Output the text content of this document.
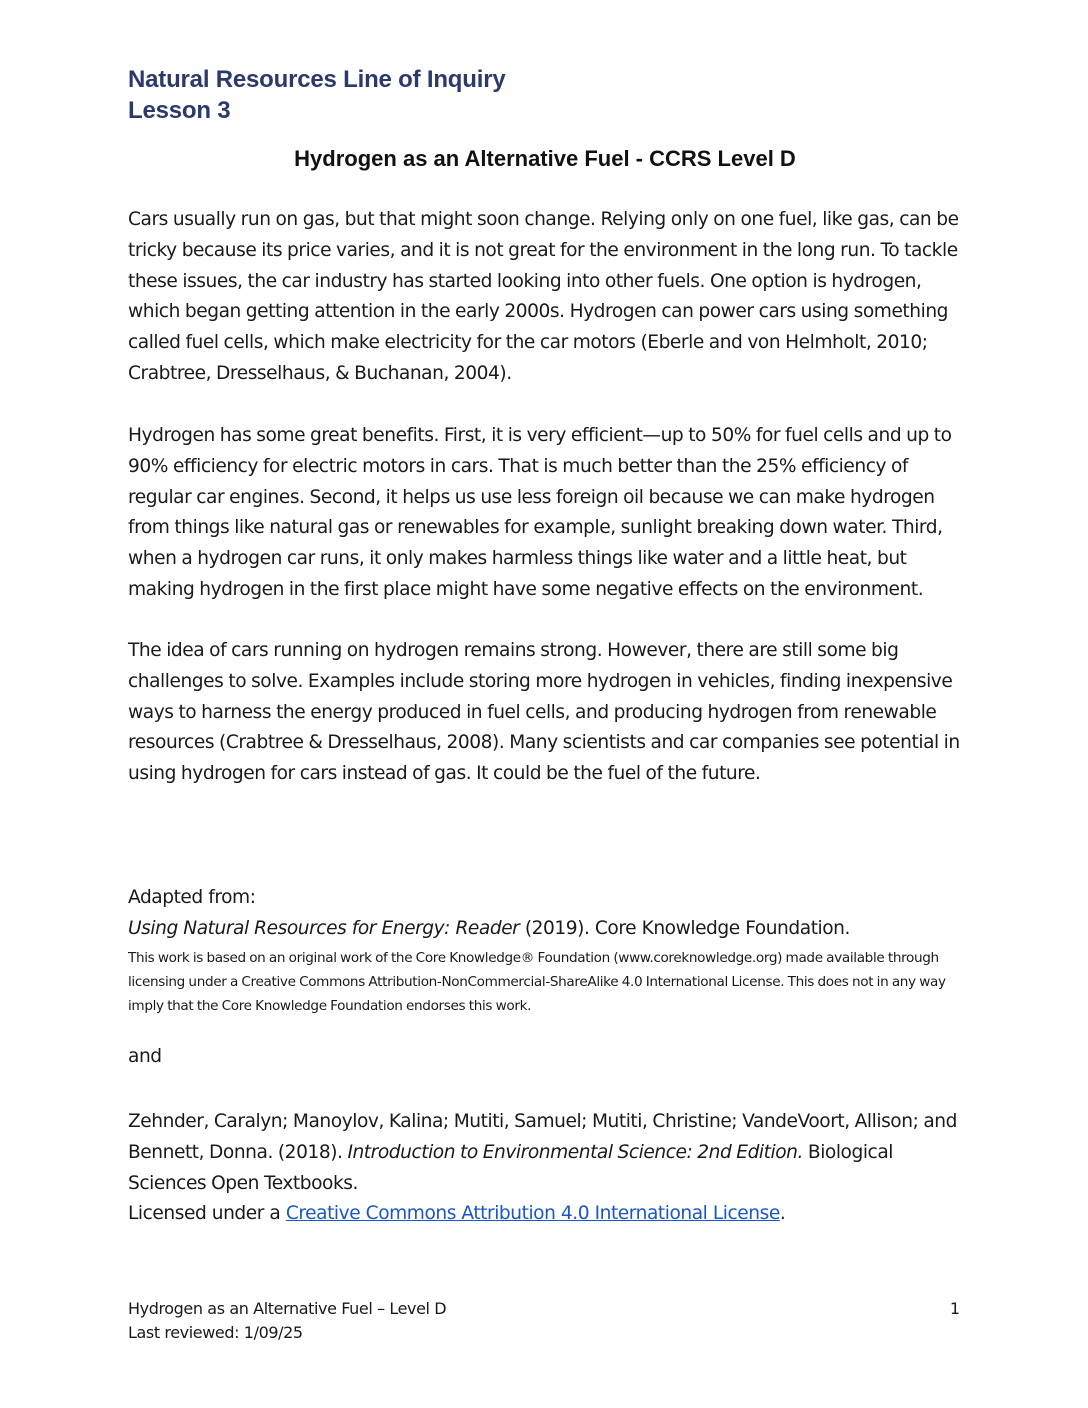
Natural Resources Line of Inquiry
Lesson 3
Hydrogen as an Alternative Fuel - CCRS Level D

Cars usually run on gas, but that might soon change. Relying only on one fuel, like gas, can be tricky because its price varies, and it is not great for the environment in the long run. To tackle these issues, the car industry has started looking into other fuels. One option is hydrogen, which began getting attention in the early 2000s. Hydrogen can power cars using something called fuel cells, which make electricity for the car motors (Eberle and von Helmholt, 2010; Crabtree, Dresselhaus, & Buchanan, 2004).

Hydrogen has some great benefits. First, it is very efficient—up to 50% for fuel cells and up to 90% efficiency for electric motors in cars. That is much better than the 25% efficiency of regular car engines. Second, it helps us use less foreign oil because we can make hydrogen from things like natural gas or renewables for example, sunlight breaking down water. Third, when a hydrogen car runs, it only makes harmless things like water and a little heat, but making hydrogen in the first place might have some negative effects on the environment.

The idea of cars running on hydrogen remains strong. However, there are still some big challenges to solve. Examples include storing more hydrogen in vehicles, finding inexpensive ways to harness the energy produced in fuel cells, and producing hydrogen from renewable resources (Crabtree & Dresselhaus, 2008). Many scientists and car companies see potential in using hydrogen for cars instead of gas. It could be the fuel of the future.

Adapted from:
Using Natural Resources for Energy: Reader (2019). Core Knowledge Foundation.
This work is based on an original work of the Core Knowledge® Foundation (www.coreknowledge.org) made available through licensing under a Creative Commons Attribution-NonCommercial-ShareAlike 4.0 International License. This does not in any way imply that the Core Knowledge Foundation endorses this work.
and
Zehnder, Caralyn; Manoylov, Kalina; Mutiti, Samuel; Mutiti, Christine; VandeVoort, Allison; and Bennett, Donna. (2018). Introduction to Environmental Science: 2nd Edition. Biological Sciences Open Textbooks.
Licensed under a Creative Commons Attribution 4.0 International License.
Hydrogen as an Alternative Fuel – Level D
Last reviewed: 1/09/25
1
